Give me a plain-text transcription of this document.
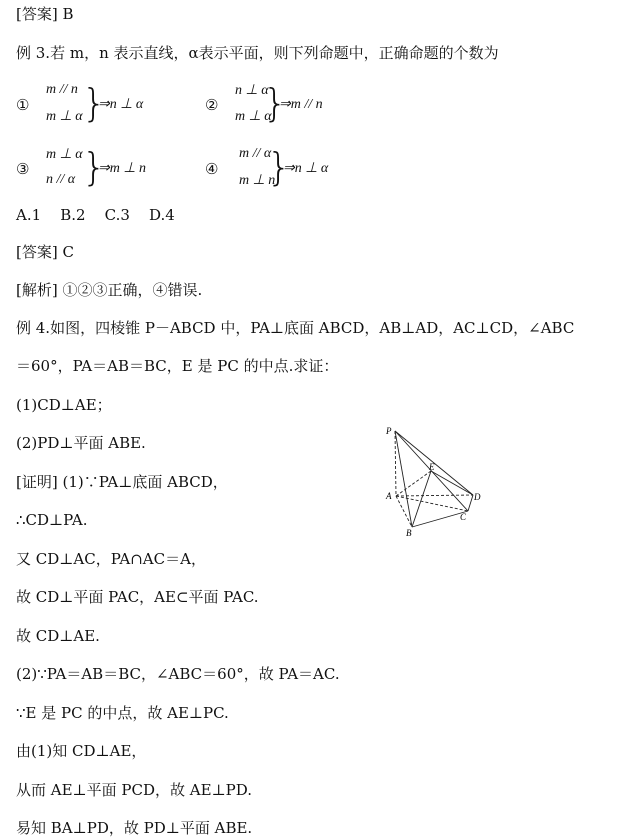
[答案] B
例 3.若 m，n 表示直线，α表示平面，则下列命题中，正确命题的个数为
①
m // n
m ⊥ α }
⇒n ⊥ α	②
n ⊥ α
m ⊥ α
}
⇒m // n
③
m ⊥ α
n // α }
⇒m ⊥ n	④
m // α
m ⊥ n
}
⇒n ⊥ α
A.1    B.2    C.3    D.4
[答案] C
[解析] ①②③正确，④错误.
例 4.如图，四棱锥 P－ABCD 中，PA⊥底面 ABCD，AB⊥AD，AC⊥CD，∠ABC
＝60°，PA＝AB＝BC，E 是 PC 的中点.求证：
(1)CD⊥AE；
(2)PD⊥平面 ABE.
[证明] (1)∵PA⊥底面 ABCD，
∴CD⊥PA.
又 CD⊥AC，PA∩AC＝A，
故 CD⊥平面 PAC，AE⊂平面 PAC.
故 CD⊥AE.
(2)∵PA＝AB＝BC，∠ABC＝60°，故 PA＝AC.
∵E 是 PC 的中点，故 AE⊥PC.
由(1)知 CD⊥AE，
从而 AE⊥平面 PCD，故 AE⊥PD.
易知 BA⊥PD，故 PD⊥平面 ABE.
P
E
A	D
C
B
